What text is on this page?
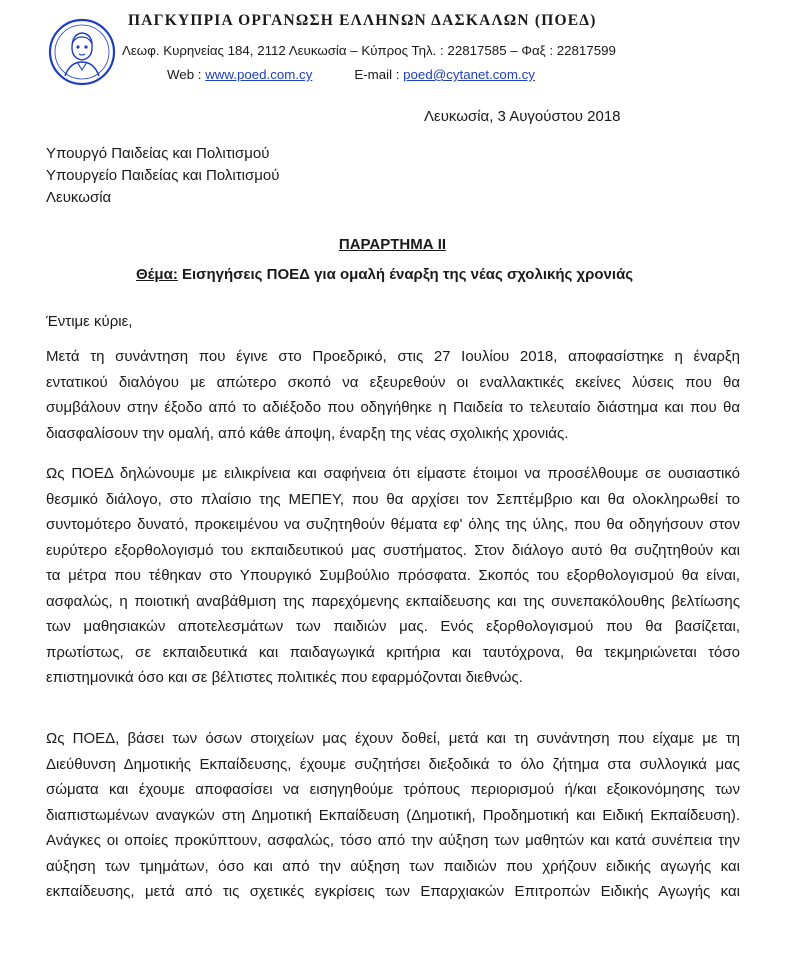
ΠΑΓΚΥΠΡΙΑ ΟΡΓΑΝΩΣΗ ΕΛΛΗΝΩΝ ΔΑΣΚΑΛΩΝ (ΠΟΕΔ)
Λεωφ. Κυρηνείας 184, 2112 Λευκωσία – Κύπρος Τηλ. : 22817585 – Φαξ : 22817599
Web : www.poed.com.cy	E-mail : poed@cytanet.com.cy
Λευκωσία, 3 Αυγούστου 2018
Υπουργό Παιδείας και Πολιτισμού
Υπουργείο Παιδείας και Πολιτισμού
Λευκωσία
ΠΑΡΑΡΤΗΜΑ ΙΙ
Θέμα: Εισηγήσεις ΠΟΕΔ για ομαλή έναρξη της νέας σχολικής χρονιάς
Έντιμε κύριε,
Μετά τη συνάντηση που έγινε στο Προεδρικό, στις 27 Ιουλίου 2018, αποφασίστηκε η έναρξη
εντατικού διαλόγου με απώτερο σκοπό να εξευρεθούν οι εναλλακτικές εκείνες λύσεις που θα
συμβάλουν στην έξοδο από το αδιέξοδο που οδηγήθηκε η Παιδεία το τελευταίο διάστημα και που θα
διασφαλίσουν την ομαλή, από κάθε άποψη, έναρξη της νέας σχολικής χρονιάς.
Ως ΠΟΕΔ δηλώνουμε με ειλικρίνεια και σαφήνεια ότι είμαστε έτοιμοι να προσέλθουμε σε ουσιαστικό
θεσμικό διάλογο, στο πλαίσιο της ΜΕΠΕΥ, που θα αρχίσει τον Σεπτέμβριο και θα ολοκληρωθεί το
συντομότερο δυνατό, προκειμένου να συζητηθούν θέματα εφ' όλης της ύλης, που θα οδηγήσουν στον
ευρύτερο εξορθολογισμό του εκπαιδευτικού μας συστήματος. Στον διάλογο αυτό θα συζητηθούν και
τα μέτρα που τέθηκαν στο Υπουργικό Συμβούλιο πρόσφατα. Σκοπός του εξορθολογισμού θα είναι,
ασφαλώς, η ποιοτική αναβάθμιση της παρεχόμενης εκπαίδευσης και της συνεπακόλουθης βελτίωσης
των μαθησιακών αποτελεσμάτων των παιδιών μας. Ενός εξορθολογισμού που θα βασίζεται,
πρωτίστως, σε εκπαιδευτικά και παιδαγωγικά κριτήρια και ταυτόχρονα, θα τεκμηριώνεται τόσο
επιστημονικά όσο και σε βέλτιστες πολιτικές που εφαρμόζονται διεθνώς.
Ως ΠΟΕΔ, βάσει των όσων στοιχείων μας έχουν δοθεί, μετά και τη συνάντηση που είχαμε με τη
Διεύθυνση Δημοτικής Εκπαίδευσης, έχουμε συζητήσει διεξοδικά το όλο ζήτημα στα συλλογικά μας
σώματα και έχουμε αποφασίσει να εισηγηθούμε τρόπους περιορισμού ή/και εξοικονόμησης των
διαπιστωμένων αναγκών στη Δημοτική Εκπαίδευση (Δημοτική, Προδημοτική και Ειδική Εκπαίδευση).
Ανάγκες οι οποίες προκύπτουν, ασφαλώς, τόσο από την αύξηση των μαθητών και κατά συνέπεια την
αύξηση των τμημάτων, όσο και από την αύξηση των παιδιών που χρήζουν ειδικής αγωγής και
εκπαίδευσης, μετά από τις σχετικές εγκρίσεις των Επαρχιακών Επιτροπών Ειδικής Αγωγής και
